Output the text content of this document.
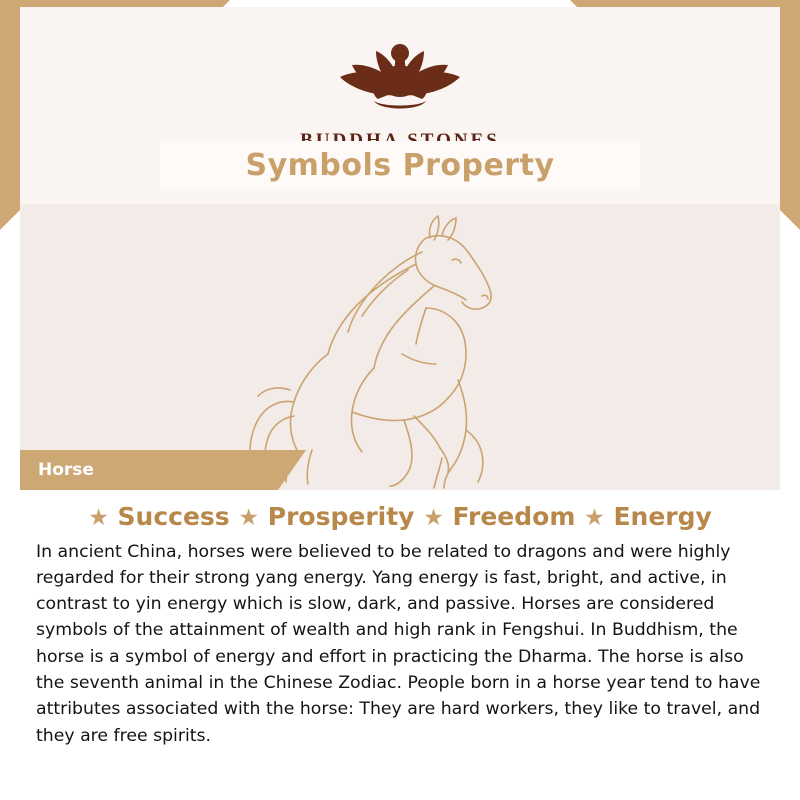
Symbols Property
Horse
★ Success ★ Prosperity ★ Freedom ★ Energy

In ancient China, horses were believed to be related to dragons and were highly regarded for their strong yang energy. Yang energy is fast, bright, and active, in contrast to yin energy which is slow, dark, and passive. Horses are considered symbols of the attainment of wealth and high rank in Fengshui. In Buddhism, the horse is a symbol of energy and effort in practicing the Dharma. The horse is also the seventh animal in the Chinese Zodiac. People born in a horse year tend to have attributes associated with the horse: They are hard workers, they like to travel, and they are free spirits.
